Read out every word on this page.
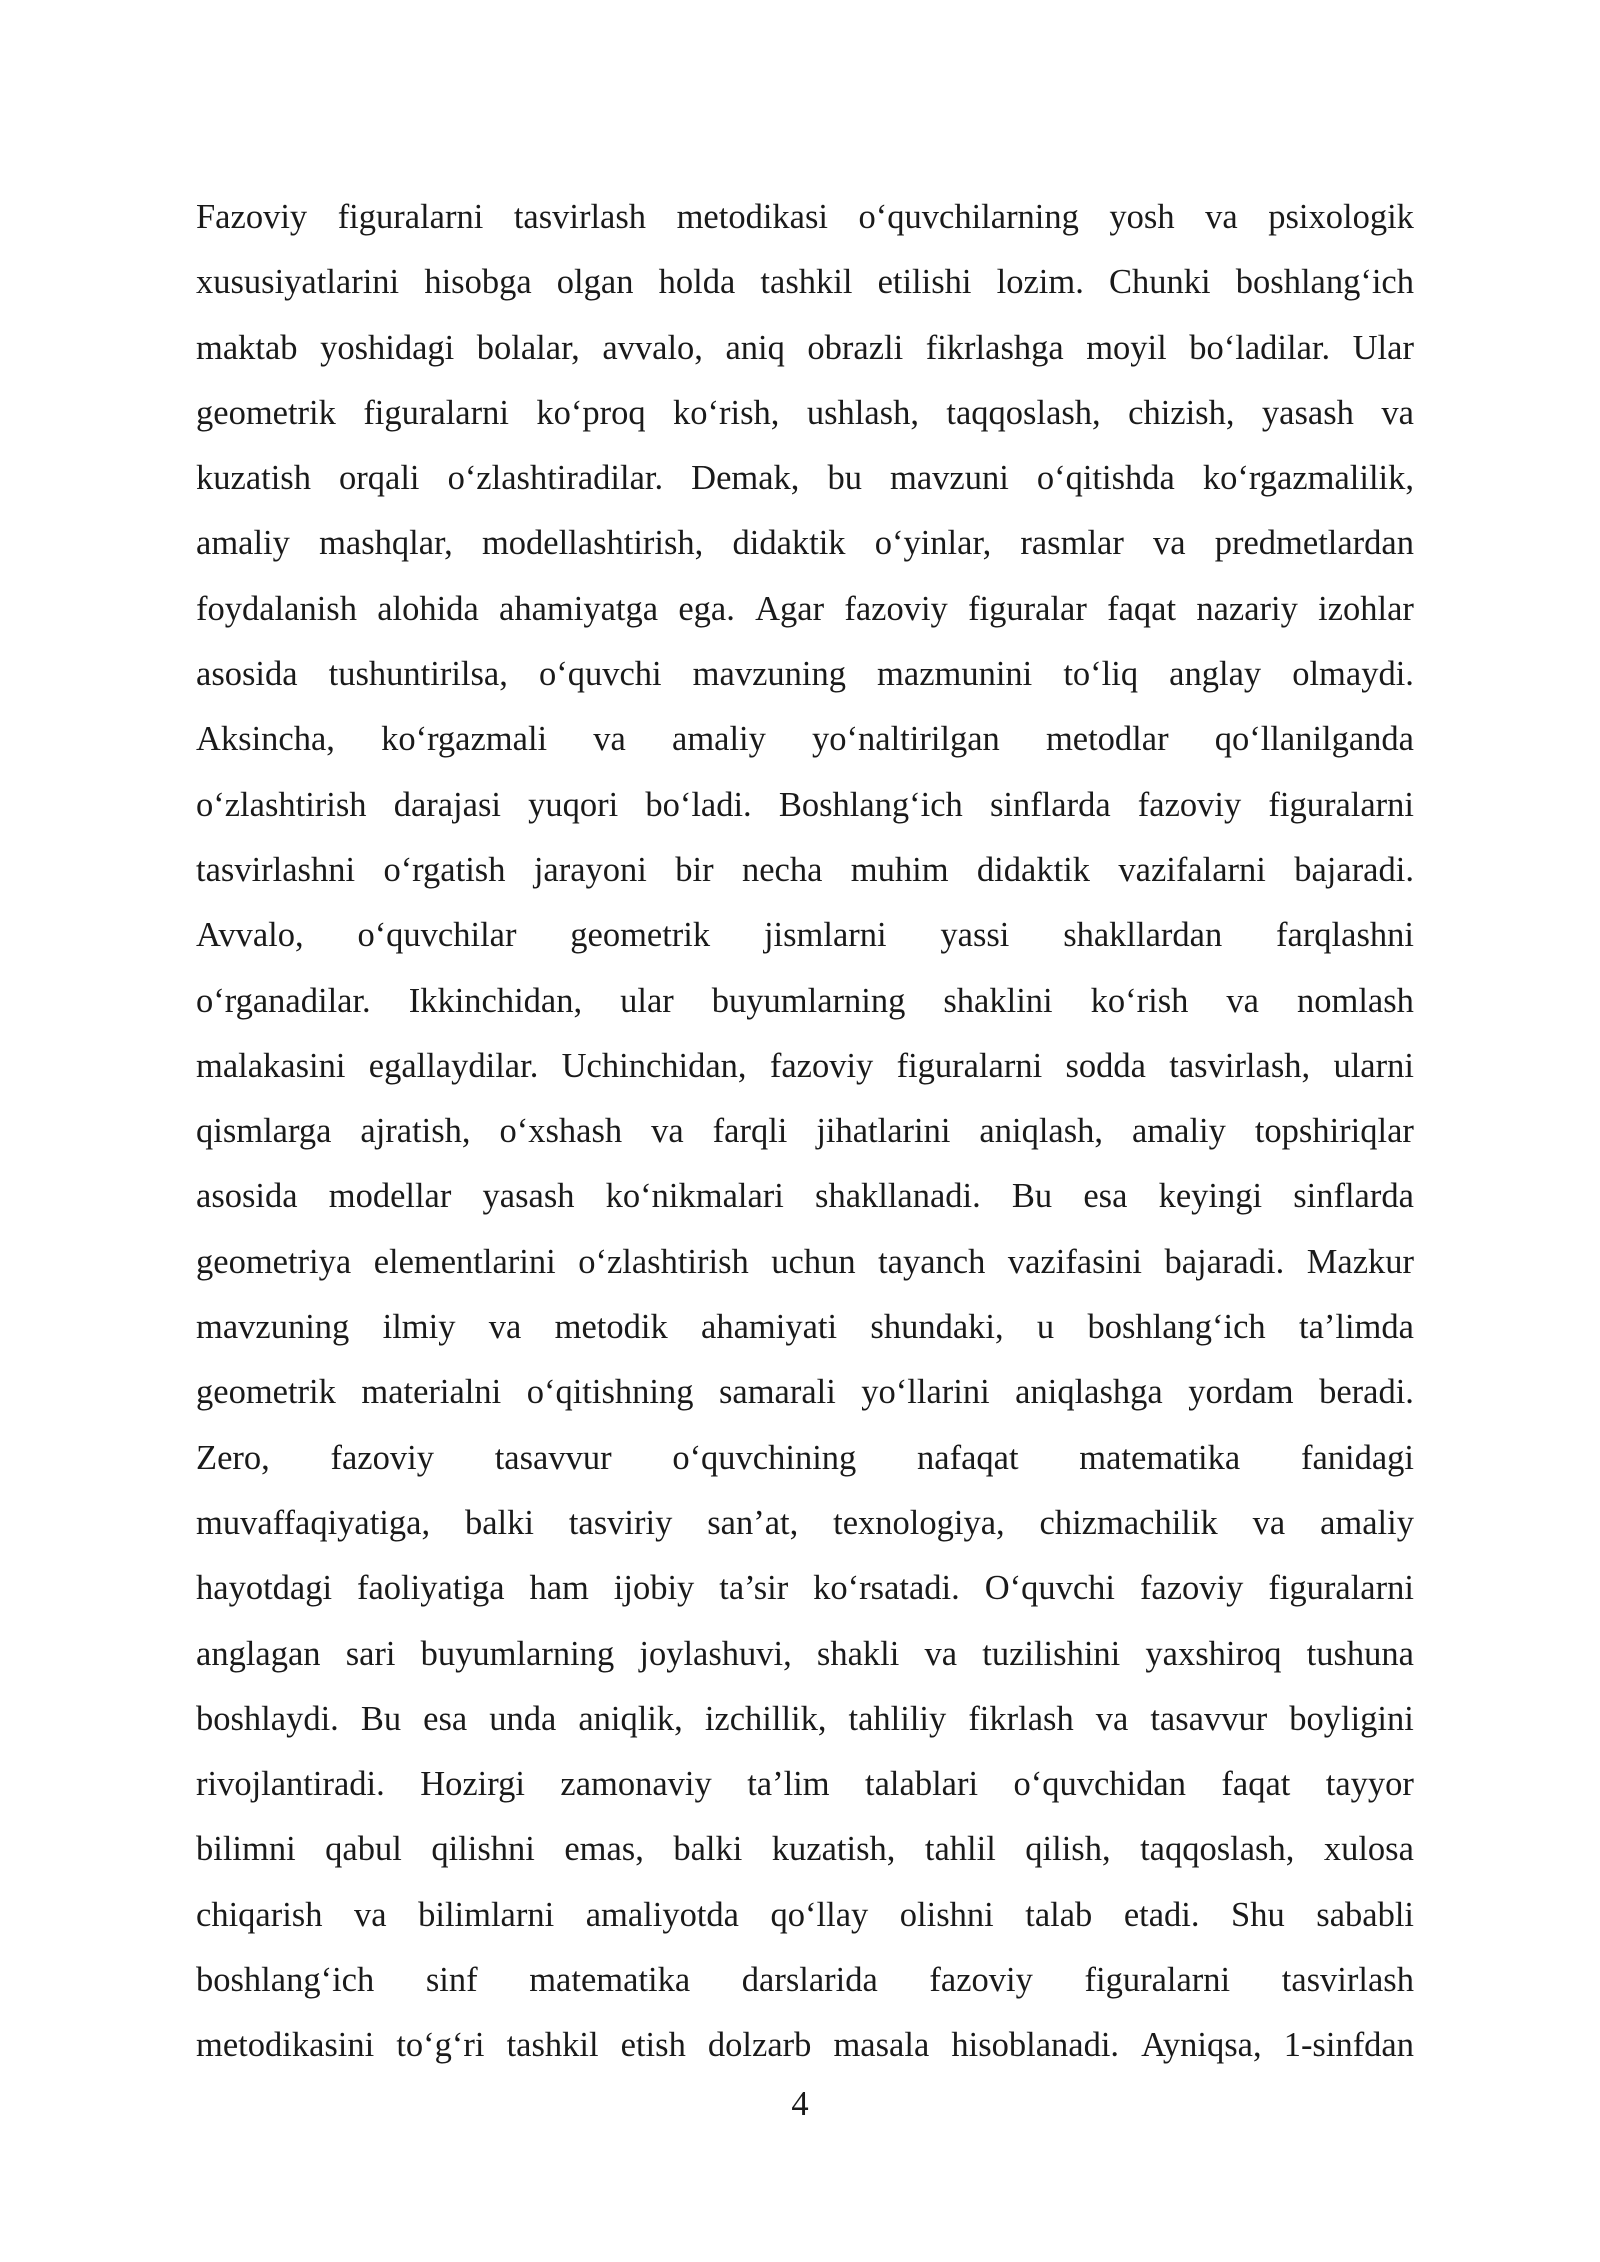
Fazoviy figuralarni tasvirlash metodikasi o‘quvchilarning yosh va psixologik
xususiyatlarini hisobga olgan holda tashkil etilishi lozim. Chunki boshlang‘ich
maktab yoshidagi bolalar, avvalo, aniq obrazli fikrlashga moyil bo‘ladilar. Ular
geometrik figuralarni ko‘proq ko‘rish, ushlash, taqqoslash, chizish, yasash va
kuzatish orqali o‘zlashtiradilar. Demak, bu mavzuni o‘qitishda ko‘rgazmalilik,
amaliy mashqlar, modellashtirish, didaktik o‘yinlar, rasmlar va predmetlardan
foydalanish alohida ahamiyatga ega. Agar fazoviy figuralar faqat nazariy izohlar
asosida tushuntirilsa, o‘quvchi mavzuning mazmunini to‘liq anglay olmaydi.
Aksincha, ko‘rgazmali va amaliy yo‘naltirilgan metodlar qo‘llanilganda
o‘zlashtirish darajasi yuqori bo‘ladi. Boshlang‘ich sinflarda fazoviy figuralarni
tasvirlashni o‘rgatish jarayoni bir necha muhim didaktik vazifalarni bajaradi.
Avvalo, o‘quvchilar geometrik jismlarni yassi shakllardan farqlashni
o‘rganadilar. Ikkinchidan, ular buyumlarning shaklini ko‘rish va nomlash
malakasini egallaydilar. Uchinchidan, fazoviy figuralarni sodda tasvirlash, ularni
qismlarga ajratish, o‘xshash va farqli jihatlarini aniqlash, amaliy topshiriqlar
asosida modellar yasash ko‘nikmalari shakllanadi. Bu esa keyingi sinflarda
geometriya elementlarini o‘zlashtirish uchun tayanch vazifasini bajaradi. Mazkur
mavzuning ilmiy va metodik ahamiyati shundaki, u boshlang‘ich ta’limda
geometrik materialni o‘qitishning samarali yo‘llarini aniqlashga yordam beradi.
Zero, fazoviy tasavvur o‘quvchining nafaqat matematika fanidagi
muvaffaqiyatiga, balki tasviriy san’at, texnologiya, chizmachilik va amaliy
hayotdagi faoliyatiga ham ijobiy ta’sir ko‘rsatadi. O‘quvchi fazoviy figuralarni
anglagan sari buyumlarning joylashuvi, shakli va tuzilishini yaxshiroq tushuna
boshlaydi. Bu esa unda aniqlik, izchillik, tahliliy fikrlash va tasavvur boyligini
rivojlantiradi. Hozirgi zamonaviy ta’lim talablari o‘quvchidan faqat tayyor
bilimni qabul qilishni emas, balki kuzatish, tahlil qilish, taqqoslash, xulosa
chiqarish va bilimlarni amaliyotda qo‘llay olishni talab etadi. Shu sababli
boshlang‘ich sinf matematika darslarida fazoviy figuralarni tasvirlash
metodikasini to‘g‘ri tashkil etish dolzarb masala hisoblanadi. Ayniqsa, 1-sinfdan
4
